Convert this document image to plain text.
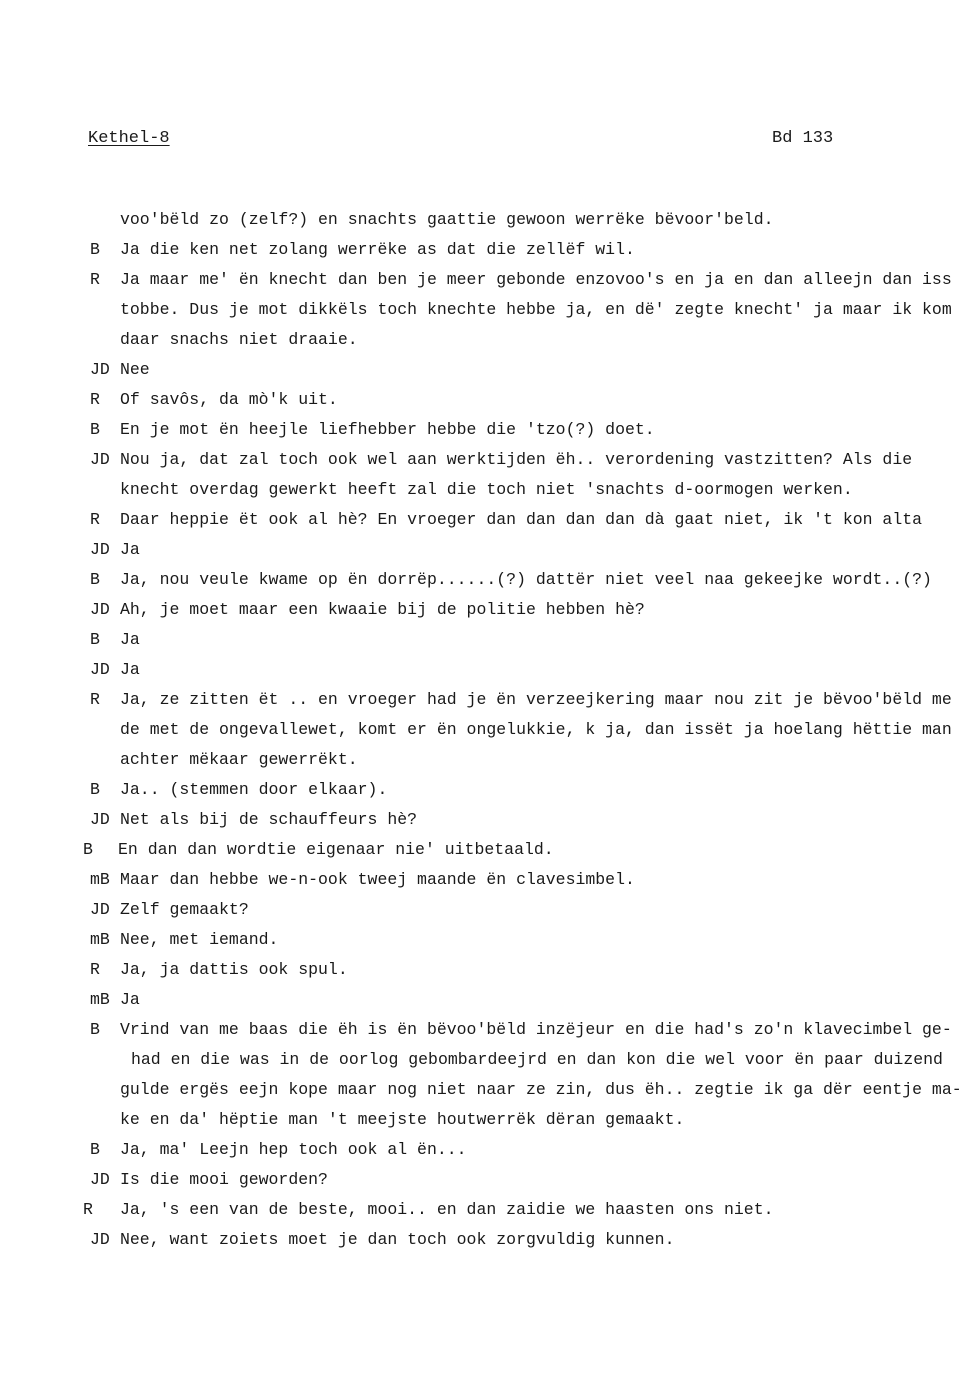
Kethel-8	Bd 133
voo'bëld zo (zelf?) en snachts gaattie gewoon werrëke bëvoor'beld.
B Ja die ken net zolang werrëke as dat die zellëf wil.
R Ja maar me' ën knecht dan ben je meer gebonde enzovoo's en ja en dan alleejn dan iss
tobbe. Dus je mot dikkëls toch knechte hebbe ja, en dë' zegte knecht' ja maar ik kom
daar snachs niet draaie.
JD Nee
R Of savôs, da mò'k uit.
B En je mot ën heejle liefhebber hebbe die 'tzo(?) doet.
JD Nou ja, dat zal toch ook wel aan werktijden ëh.. verordening vastzitten? Als die
knecht overdag gewerkt heeft zal die toch niet 'snachts d-oormogen werken.
R Daar heppie ët ook al hè? En vroeger dan dan dan dan dà gaat niet, ik 't kon alta
JD Ja
B Ja, nou veule kwame op ën dorrëp......(?) dattër niet veel naa gekeejke wordt..(?)
JD Ah, je moet maar een kwaaie bij de politie hebben hè?
B Ja
JD Ja
R Ja, ze zitten ët .. en vroeger had je ën verzeejkering maar nou zit je bëvoo'bëld me
de met de ongevallewet, komt er ën ongelukkie, k ja, dan issët ja hoelang hëttie man
achter mëkaar gewerrëkt.
B Ja.. (stemmen door elkaar).
JD Net als bij de schauffeurs hè?
B En dan dan wordtie eigenaar nie' uitbetaald.
mB Maar dan hebbe we-n-ook tweej maande ën clavesimbel.
JD Zelf gemaakt?
mB Nee, met iemand.
R Ja, ja dattis ook spul.
mB Ja
B Vrind van me baas die ëh is ën bëvoo'bëld inzëjeur en die had's zo'n klavecimbel ge-
had en die was in de oorlog gebombardeejrd en dan kon die wel voor ën paar duizend
gulde ergës eejn kope maar nog niet naar ze zin, dus ëh.. zegtie ik ga dër eentje ma-
ke en da' hëptie man 't meejste houtwerrëk dëran gemaakt.
B Ja, ma' Leejn hep toch ook al ën...
JD Is die mooi geworden?
R Ja, 's een van de beste, mooi.. en dan zaidie we haasten ons niet.
JD Nee, want zoiets moet je dan toch ook zorgvuldig kunnen.
